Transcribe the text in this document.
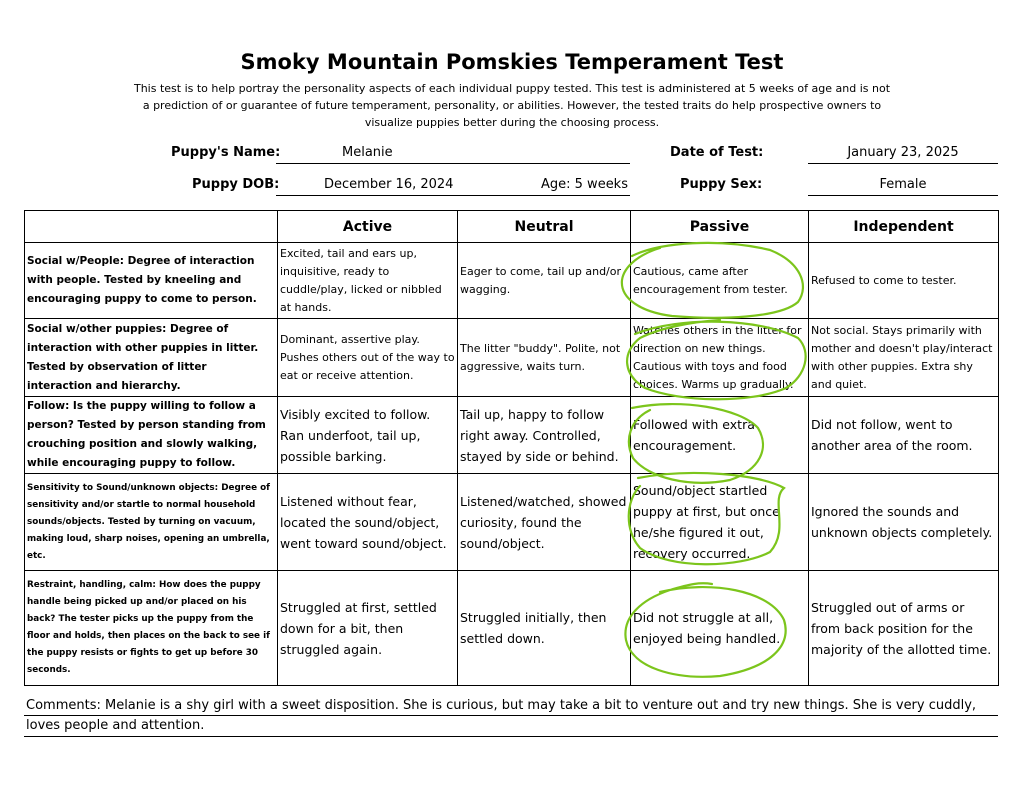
Smoky Mountain Pomskies Temperament Test
This test is to help portray the personality aspects of each individual puppy tested. This test is administered at 5 weeks of age and is not a prediction of or guarantee of future temperament, personality, or abilities. However, the tested traits do help prospective owners to visualize puppies better during the choosing process.
Puppy's Name:	Melanie	Date of Test:	January 23, 2025
Puppy DOB:	December 16, 2024	Age: 5 weeks	Puppy Sex:	Female
	Active	Neutral	Passive	Independent
Social w/People: Degree of interaction with people. Tested by kneeling and encouraging puppy to come to person.	Excited, tail and ears up, inquisitive, ready to cuddle/play, licked or nibbled at hands.	Eager to come, tail up and/or wagging.	Cautious, came after encouragement from tester.	Refused to come to tester.
Social w/other puppies: Degree of interaction with other puppies in litter. Tested by observation of litter interaction and hierarchy.	Dominant, assertive play. Pushes others out of the way to eat or receive attention.	The litter "buddy". Polite, not aggressive, waits turn.	Watches others in the litter for direction on new things. Cautious with toys and food choices. Warms up gradually.	Not social. Stays primarily with mother and doesn't play/interact with other puppies. Extra shy and quiet.
Follow: Is the puppy willing to follow a person? Tested by person standing from crouching position and slowly walking, while encouraging puppy to follow.	Visibly excited to follow. Ran underfoot, tail up, possible barking.	Tail up, happy to follow right away. Controlled, stayed by side or behind.	Followed with extra encouragement.	Did not follow, went to another area of the room.
Sensitivity to Sound/unknown objects: Degree of sensitivity and/or startle to normal household sounds/objects. Tested by turning on vacuum, making loud, sharp noises, opening an umbrella, etc.	Listened without fear, located the sound/object, went toward sound/object.	Listened/watched, showed curiosity, found the sound/object.	Sound/object startled puppy at first, but once he/she figured it out, recovery occurred.	Ignored the sounds and unknown objects completely.
Restraint, handling, calm: How does the puppy handle being picked up and/or placed on his back? The tester picks up the puppy from the floor and holds, then places on the back to see if the puppy resists or fights to get up before 30 seconds.	Struggled at first, settled down for a bit, then struggled again.	Struggled initially, then settled down.	Did not struggle at all, enjoyed being handled.	Struggled out of arms or from back position for the majority of the allotted time.
Comments: Melanie is a shy girl with a sweet disposition. She is curious, but may take a bit to venture out and try new things. She is very cuddly, loves people and attention.
